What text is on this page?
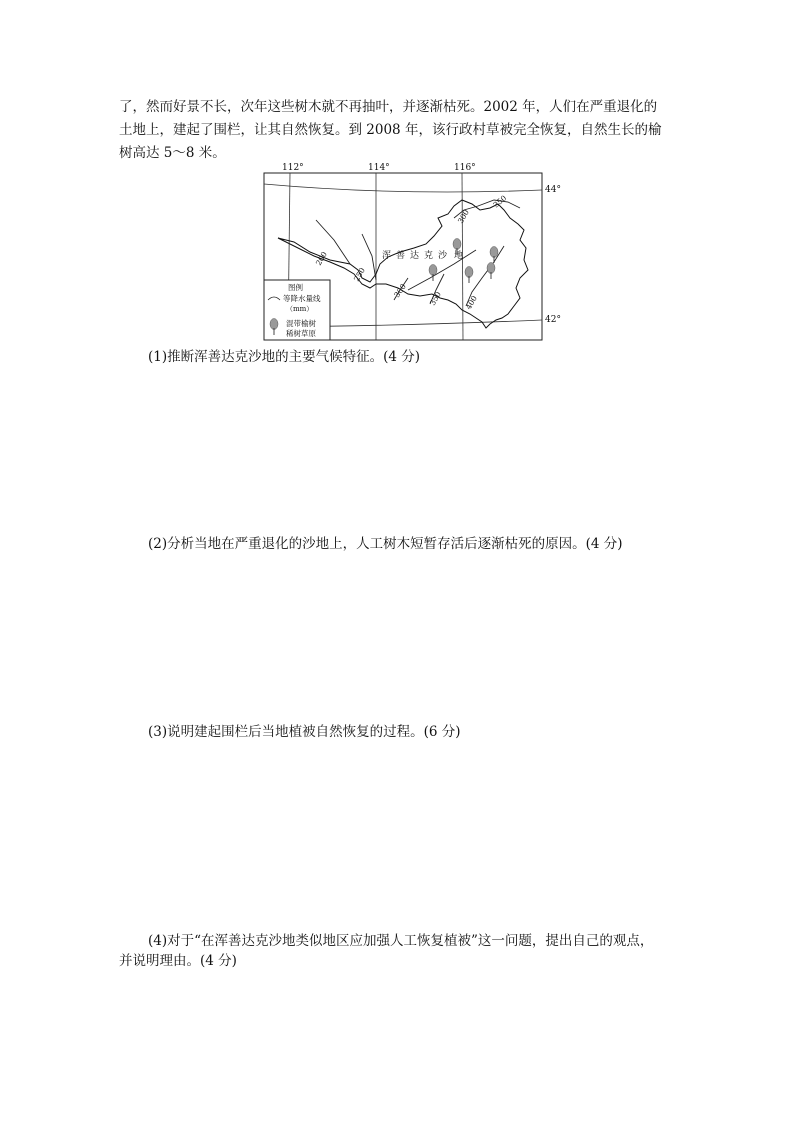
了，然而好景不长，次年这些树木就不再抽叶，并逐渐枯死。2002 年，人们在严重退化的

土地上，建起了围栏，让其自然恢复。到 2008 年，该行政村草被完全恢复，自然生长的榆

树高达 5～8 米。

112°	114°	116°
44°
42°
200
250
300
350
350	400
300
浑 善 达 克 沙 地
图例
等降水量线
（mm）
混带榆树
稀树草原

(1)推断浑善达克沙地的主要气候特征。(4 分)

(2)分析当地在严重退化的沙地上，人工树木短暂存活后逐渐枯死的原因。(4 分)

(3)说明建起围栏后当地植被自然恢复的过程。(6 分)

(4)对于“在浑善达克沙地类似地区应加强人工恢复植被”这一问题，提出自己的观点，

并说明理由。(4 分)
